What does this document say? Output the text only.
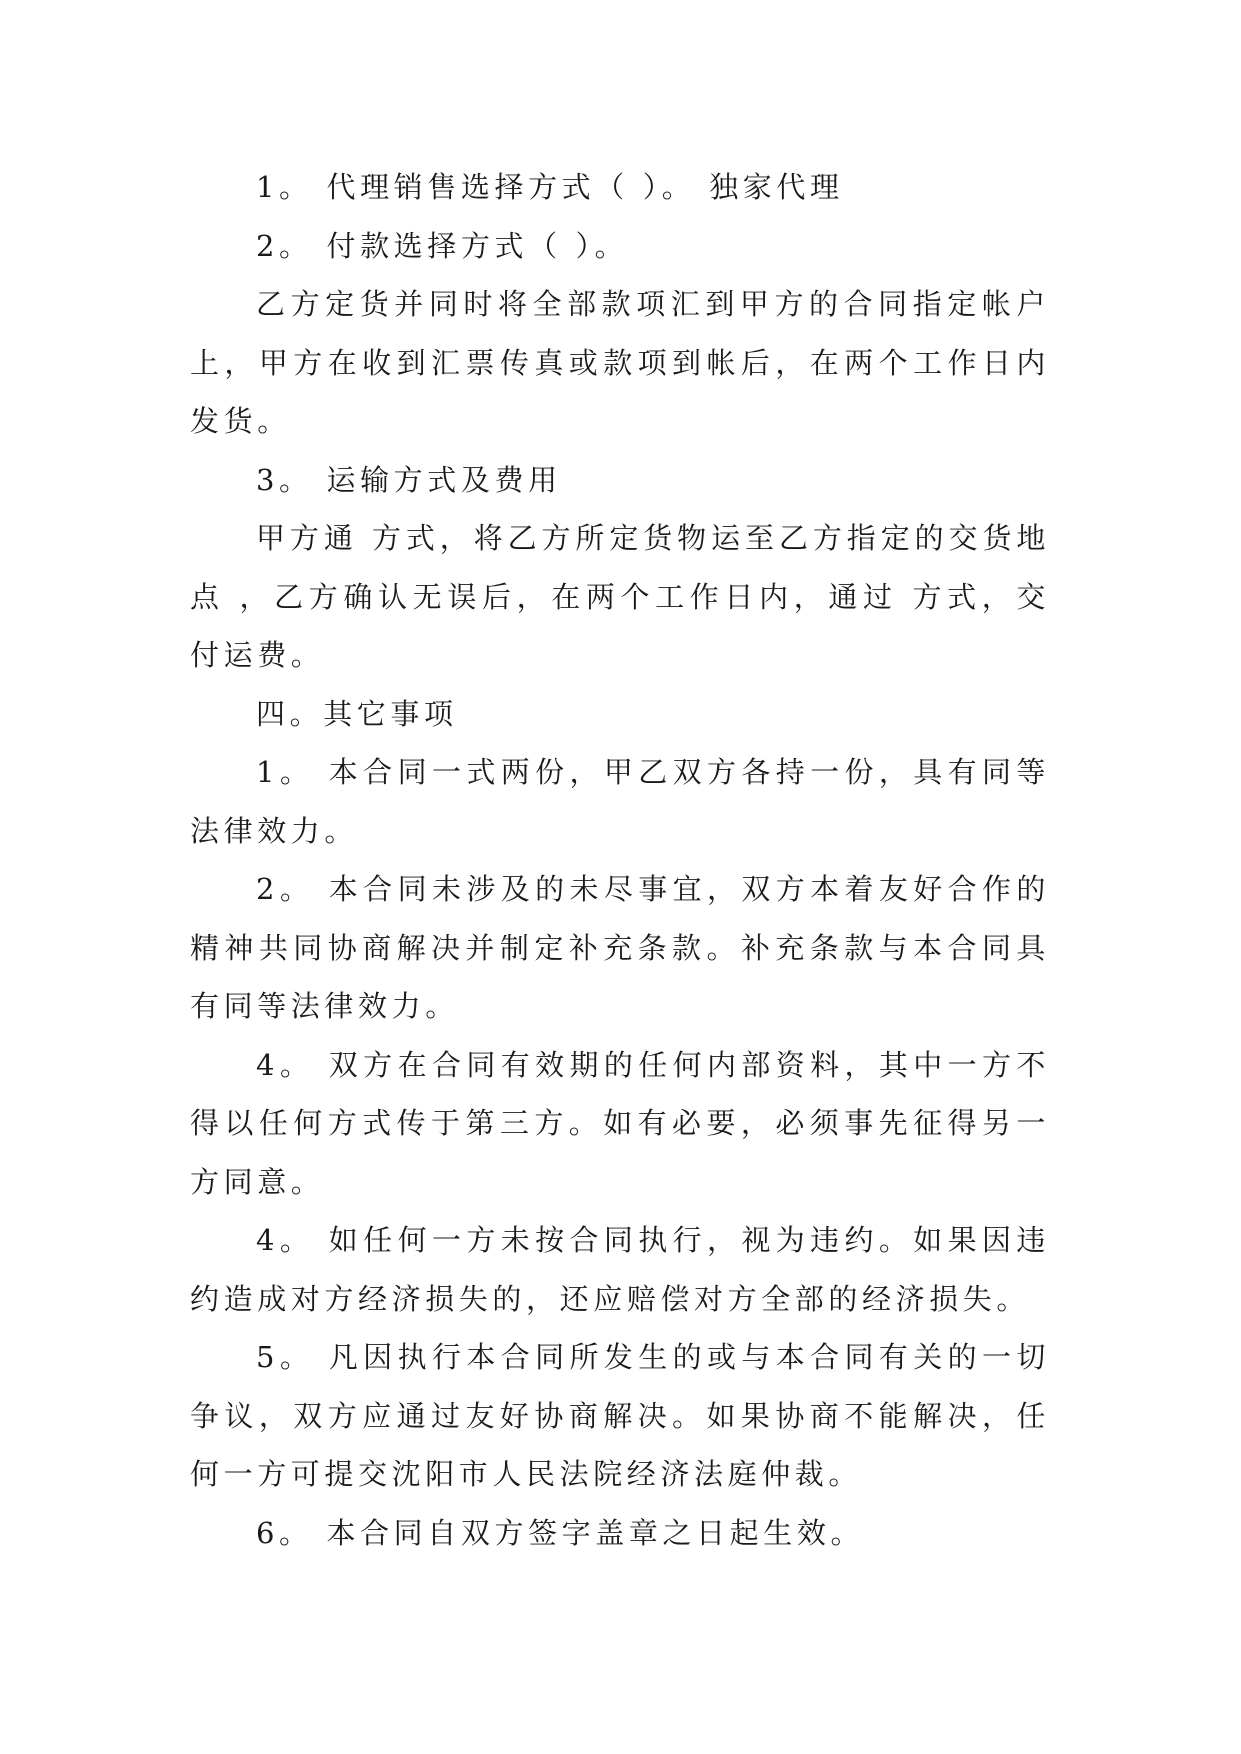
1。 代理销售选择方式（ ）。 独家代理

2。 付款选择方式（ ）。

乙方定货并同时将全部款项汇到甲方的合同指定帐户上，甲方在收到汇票传真或款项到帐后，在两个工作日内发货。

3。 运输方式及费用

甲方通 方式，将乙方所定货物运至乙方指定的交货地点 ，乙方确认无误后，在两个工作日内，通过 方式，交付运费。

四。其它事项

1。 本合同一式两份，甲乙双方各持一份，具有同等法律效力。

2。 本合同未涉及的未尽事宜，双方本着友好合作的精神共同协商解决并制定补充条款。补充条款与本合同具有同等法律效力。

4。 双方在合同有效期的任何内部资料，其中一方不得以任何方式传于第三方。如有必要，必须事先征得另一方同意。

4。 如任何一方未按合同执行，视为违约。如果因违约造成对方经济损失的，还应赔偿对方全部的经济损失。

5。 凡因执行本合同所发生的或与本合同有关的一切争议，双方应通过友好协商解决。如果协商不能解决，任何一方可提交沈阳市人民法院经济法庭仲裁。

6。 本合同自双方签字盖章之日起生效。
